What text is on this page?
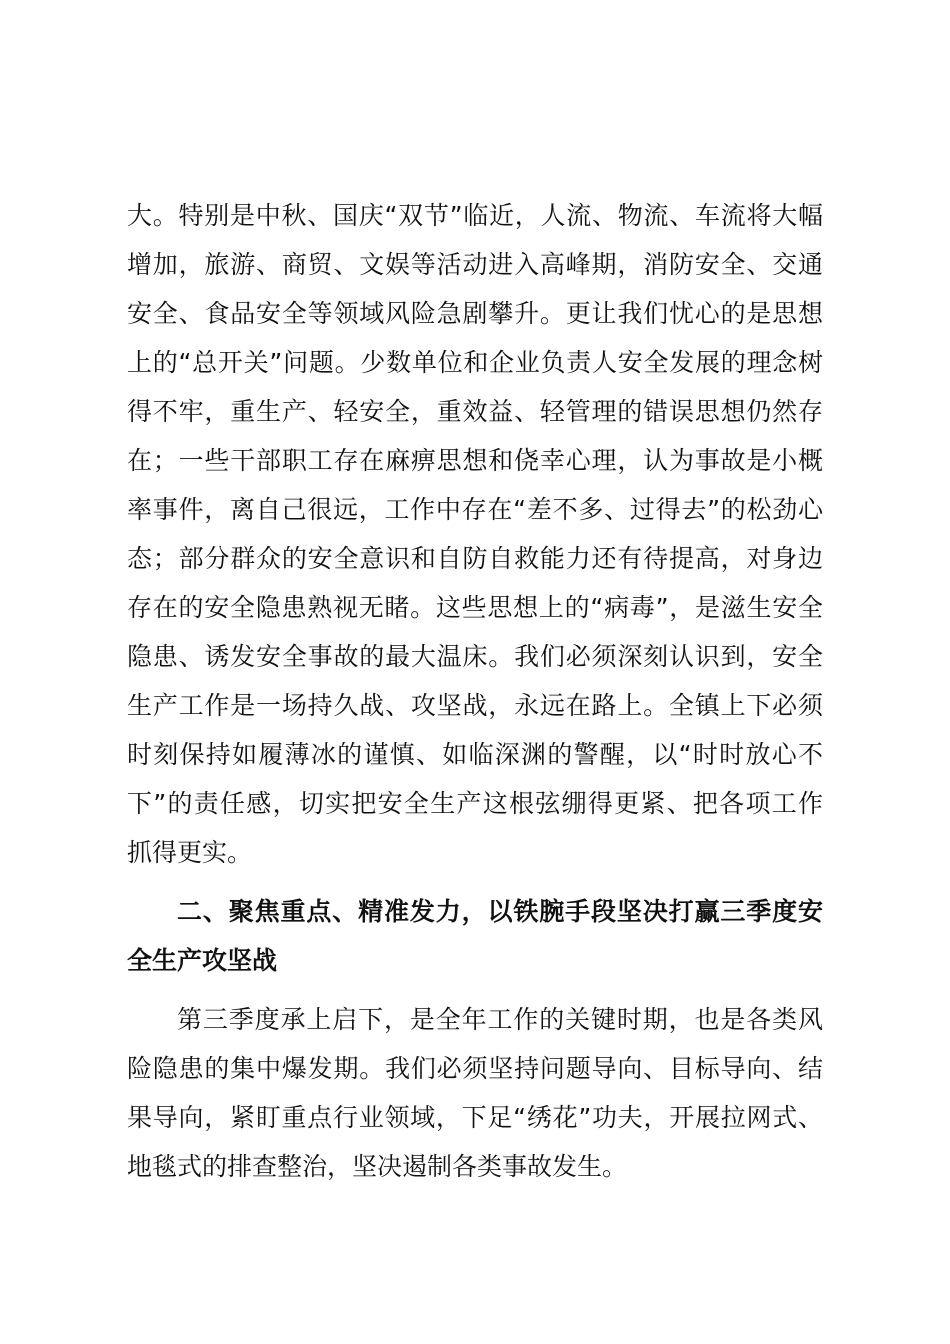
大。特别是中秋、国庆“双节”临近，人流、物流、车流将大幅
增加，旅游、商贸、文娱等活动进入高峰期，消防安全、交通
安全、食品安全等领域风险急剧攀升。更让我们忧心的是思想
上的“总开关”问题。少数单位和企业负责人安全发展的理念树
得不牢，重生产、轻安全，重效益、轻管理的错误思想仍然存
在；一些干部职工存在麻痹思想和侥幸心理，认为事故是小概
率事件，离自己很远，工作中存在“差不多、过得去”的松劲心
态；部分群众的安全意识和自防自救能力还有待提高，对身边
存在的安全隐患熟视无睹。这些思想上的“病毒”，是滋生安全
隐患、诱发安全事故的最大温床。我们必须深刻认识到，安全
生产工作是一场持久战、攻坚战，永远在路上。全镇上下必须
时刻保持如履薄冰的谨慎、如临深渊的警醒，以“时时放心不
下”的责任感，切实把安全生产这根弦绷得更紧、把各项工作
抓得更实。
二、聚焦重点、精准发力，以铁腕手段坚决打赢三季度安
全生产攻坚战
第三季度承上启下，是全年工作的关键时期，也是各类风
险隐患的集中爆发期。我们必须坚持问题导向、目标导向、结
果导向，紧盯重点行业领域，下足“绣花”功夫，开展拉网式、
地毯式的排查整治，坚决遏制各类事故发生。
